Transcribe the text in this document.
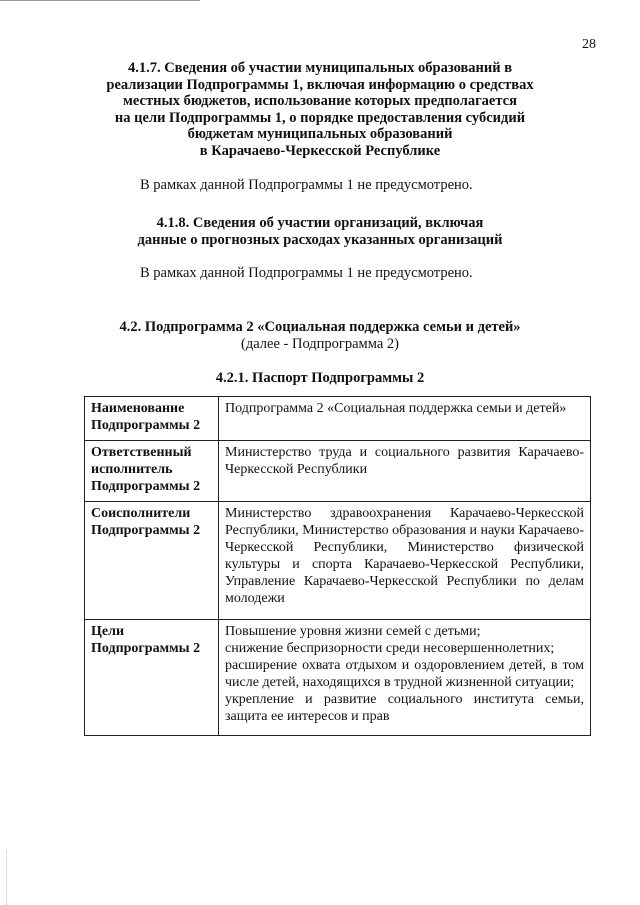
28
4.1.7. Сведения об участии муниципальных образований в
реализации Подпрограммы 1, включая информацию о средствах
местных бюджетов, использование которых предполагается
на цели Подпрограммы 1, о порядке предоставления субсидий
бюджетам муниципальных образований
в Карачаево-Черкесской Республике
В рамках данной Подпрограммы 1 не предусмотрено.
4.1.8. Сведения об участии организаций, включая
данные о прогнозных расходах указанных организаций
В рамках данной Подпрограммы 1 не предусмотрено.
4.2. Подпрограмма 2 «Социальная поддержка семьи и детей»
(далее - Подпрограмма 2)
4.2.1. Паспорт Подпрограммы 2
Наименование
Подпрограммы 2	Подпрограмма 2 «Социальная поддержка семьи и детей»

Ответственный
исполнитель
Подпрограммы 2	Министерство труда и социального развития Карачаево-Черкесской Республики

Соисполнители
Подпрограммы 2	Министерство здравоохранения Карачаево-Черкесской Республики, Министерство образования и науки Карачаево-Черкесской Республики, Министерство физической культуры и спорта Карачаево-Черкесской Республики, Управление Карачаево-Черкесской Республики по делам молодежи

Цели
Подпрограммы 2	Повышение уровня жизни семей с детьми;
снижение беспризорности среди несовершеннолетних;
расширение охвата отдыхом и оздоровлением детей, в том числе детей, находящихся в трудной жизненной ситуации;
укрепление и развитие социального института семьи, защита ее интересов и прав
